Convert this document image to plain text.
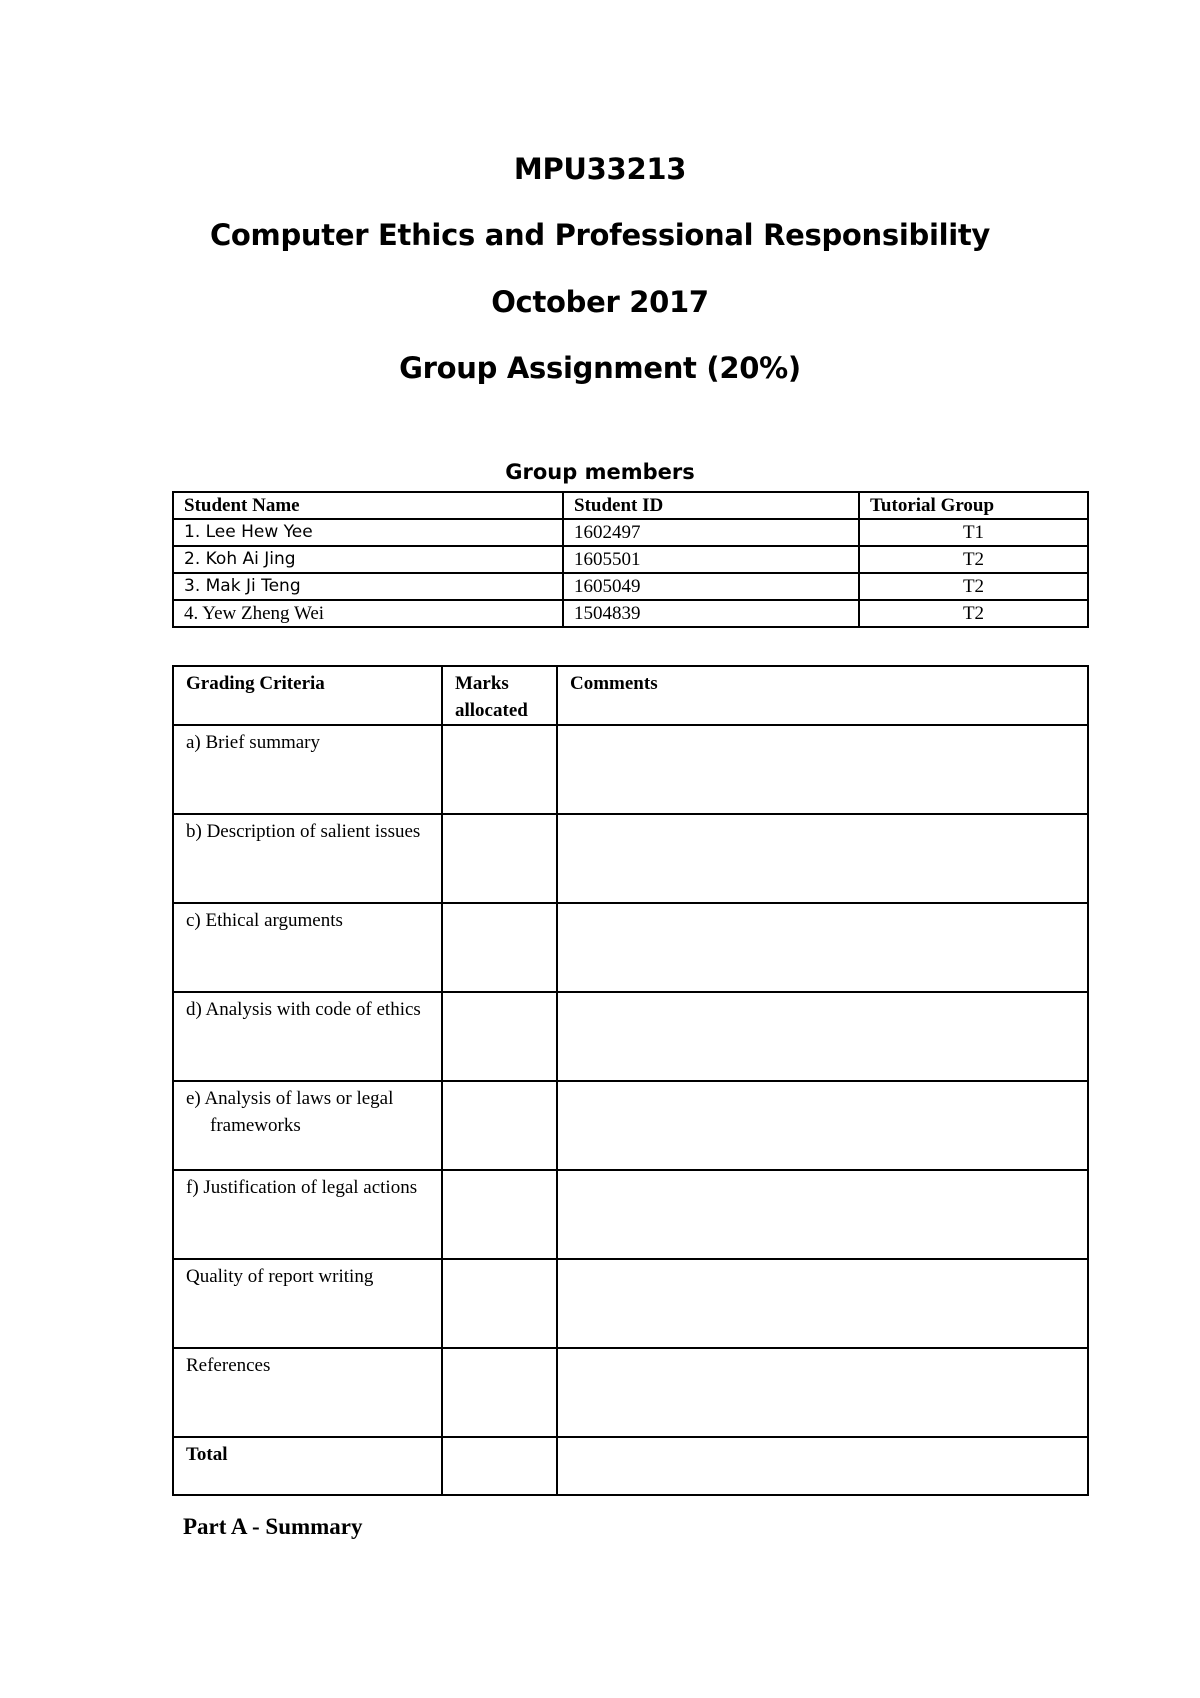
MPU33213
Computer Ethics and Professional Responsibility
October 2017
Group Assignment (20%)
Group members
Student Name	Student ID	Tutorial Group
1. Lee Hew Yee	1602497	T1
2. Koh Ai Jing	1605501	T2
3. Mak Ji Teng	1605049	T2
4. Yew Zheng Wei	1504839	T2
Grading Criteria	Marks allocated	Comments

a) Brief summary		

b) Description of salient issues		

c) Ethical arguments		

d) Analysis with code of ethics		

e) Analysis of laws or legal frameworks		

f) Justification of legal actions		

Quality of report writing		

References		

Total		
Part A - Summary
